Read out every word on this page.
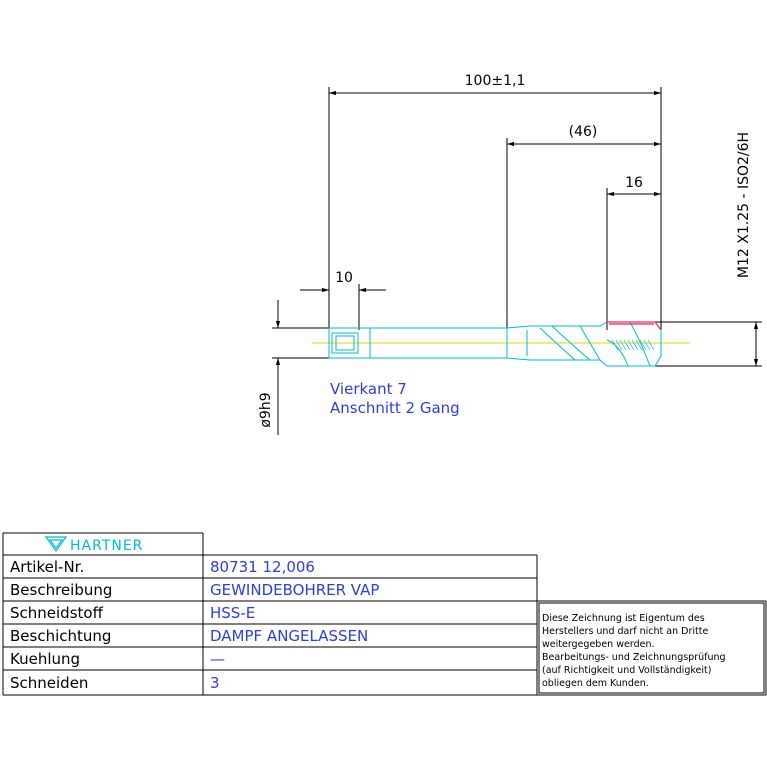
100±1,1
(46)
16
10
ø9h9
M12 X1.25 - ISO2/6H
Vierkant 7
Anschnitt 2 Gang
HARTNER
Artikel-Nr.	80731 12,006
Beschreibung	GEWINDEBOHRER VAP
Schneidstoff	HSS-E
Beschichtung	DAMPF ANGELASSEN
Kuehlung	—
Schneiden	3
Diese Zeichnung ist Eigentum des
Herstellers und darf nicht an Dritte
weitergegeben werden.
Bearbeitungs- und Zeichnungsprüfung
(auf Richtigkeit und Vollständigkeit)
obliegen dem Kunden.
